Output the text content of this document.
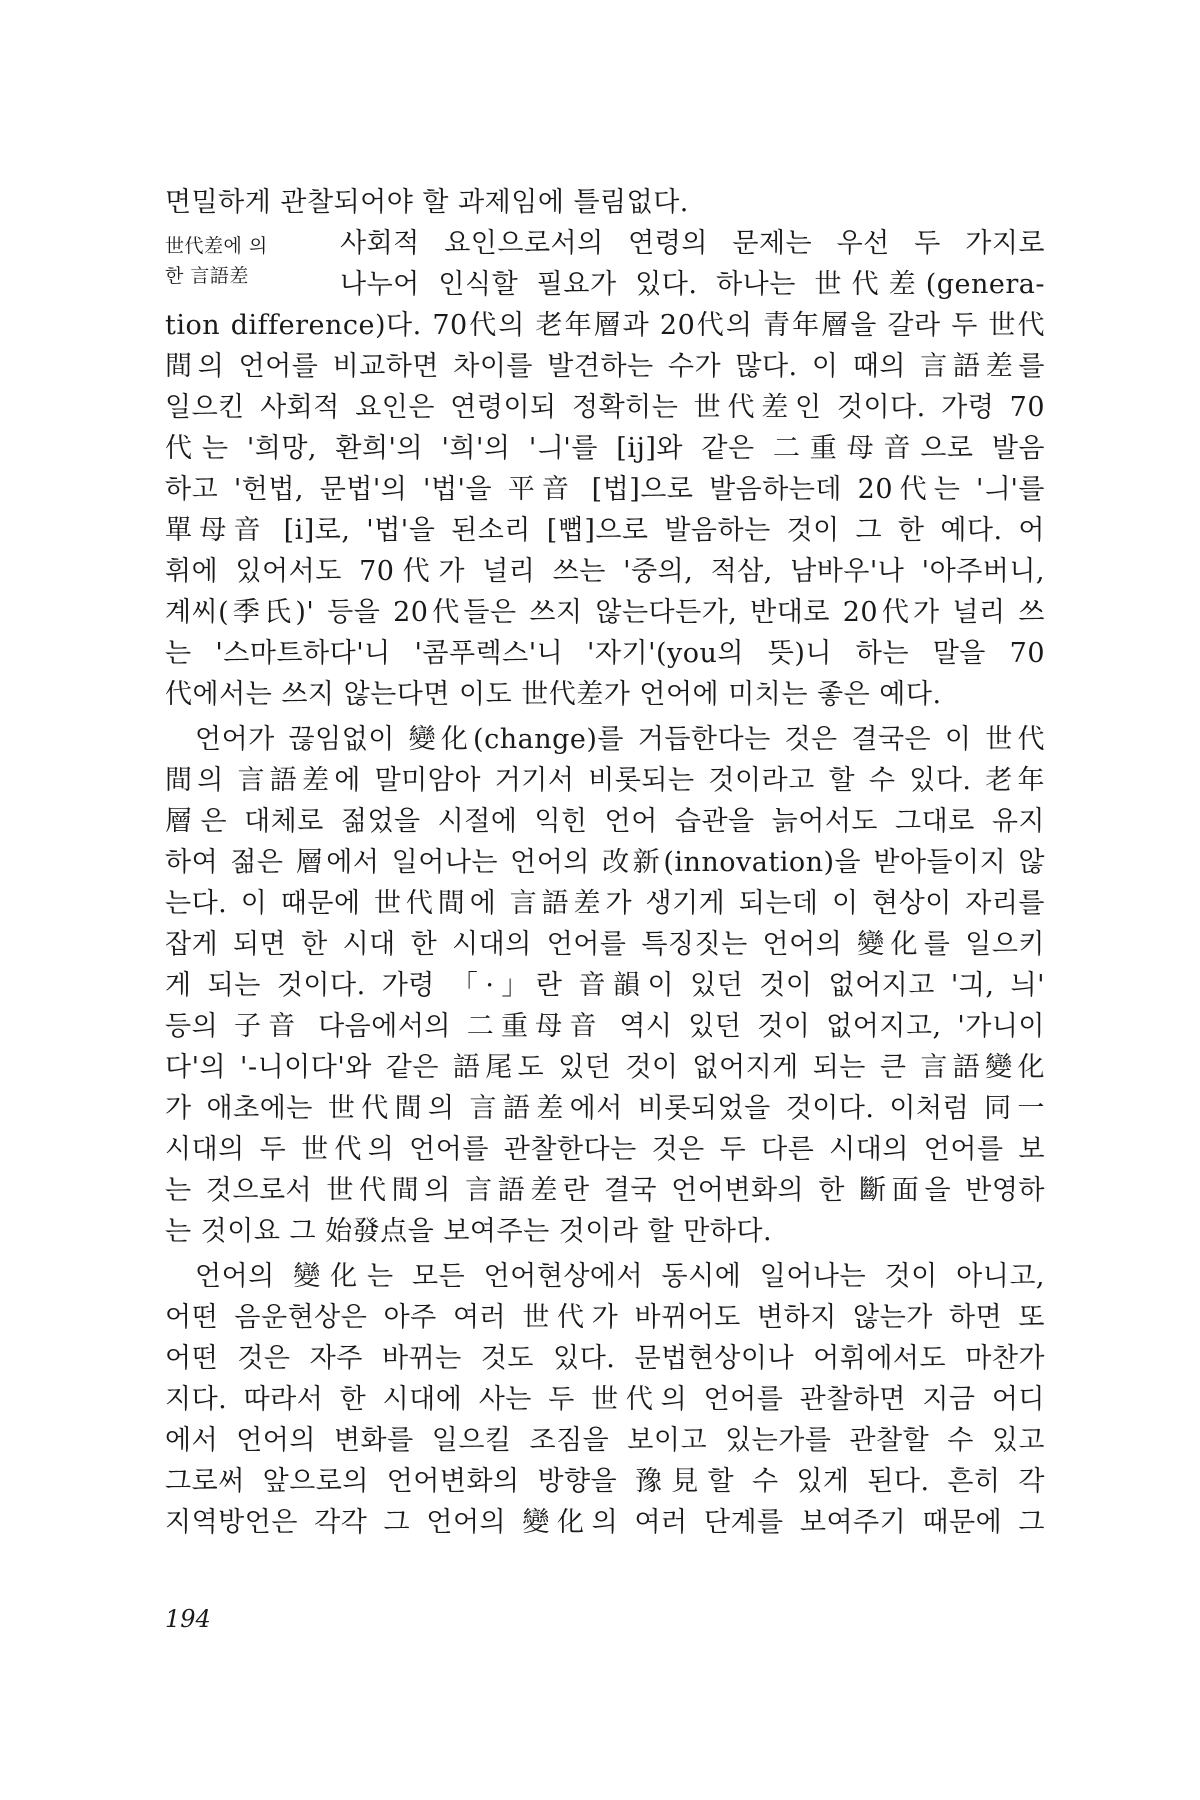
면밀하게 관찰되어야 할 과제임에 틀림없다.
世代差에 의
한 言語差
사회적 요인으로서의 연령의 문제는 우선 두 가지로
나누어 인식할 필요가 있다. 하나는 世代差(genera-
tion difference)다. 70代의 老年層과 20代의 青年層을 갈라 두 世代
間의 언어를 비교하면 차이를 발견하는 수가 많다. 이 때의 言語差를
일으킨 사회적 요인은 연령이되 정확히는 世代差인 것이다. 가령 70
代는 '희망, 환희'의 '희'의 'ㅢ'를 [ij]와 같은 二重母音으로 발음
하고 '헌법, 문법'의 '법'을 平音 [법]으로 발음하는데 20代는 'ㅢ'를
單母音 [i]로, '법'을 된소리 [뻡]으로 발음하는 것이 그 한 예다. 어
휘에 있어서도 70代가 널리 쓰는 '중의, 적삼, 남바우'나 '아주버니,
계씨(季氏)' 등을 20代들은 쓰지 않는다든가, 반대로 20代가 널리 쓰
는 '스마트하다'니 '콤푸렉스'니 '자기'(you의 뜻)니 하는 말을 70
代에서는 쓰지 않는다면 이도 世代差가 언어에 미치는 좋은 예다.
언어가 끊임없이 變化(change)를 거듭한다는 것은 결국은 이 世代
間의 言語差에 말미암아 거기서 비롯되는 것이라고 할 수 있다. 老年
層은 대체로 젊었을 시절에 익힌 언어 습관을 늙어서도 그대로 유지
하여 젊은 層에서 일어나는 언어의 改新(innovation)을 받아들이지 않
는다. 이 때문에 世代間에 言語差가 생기게 되는데 이 현상이 자리를
잡게 되면 한 시대 한 시대의 언어를 특징짓는 언어의 變化를 일으키
게 되는 것이다. 가령 「·」란 音韻이 있던 것이 없어지고 '긔, 늬'
등의 子音 다음에서의 二重母音 역시 있던 것이 없어지고, '가니이
다'의 '-니이다'와 같은 語尾도 있던 것이 없어지게 되는 큰 言語變化
가 애초에는 世代間의 言語差에서 비롯되었을 것이다. 이처럼 同一
시대의 두 世代의 언어를 관찰한다는 것은 두 다른 시대의 언어를 보
는 것으로서 世代間의 言語差란 결국 언어변화의 한 斷面을 반영하
는 것이요 그 始發点을 보여주는 것이라 할 만하다.
언어의 變化는 모든 언어현상에서 동시에 일어나는 것이 아니고,
어떤 음운현상은 아주 여러 世代가 바뀌어도 변하지 않는가 하면 또
어떤 것은 자주 바뀌는 것도 있다. 문법현상이나 어휘에서도 마찬가
지다. 따라서 한 시대에 사는 두 世代의 언어를 관찰하면 지금 어디
에서 언어의 변화를 일으킬 조짐을 보이고 있는가를 관찰할 수 있고
그로써 앞으로의 언어변화의 방향을 豫見할 수 있게 된다. 흔히 각
지역방언은 각각 그 언어의 變化의 여러 단계를 보여주기 때문에 그
194
